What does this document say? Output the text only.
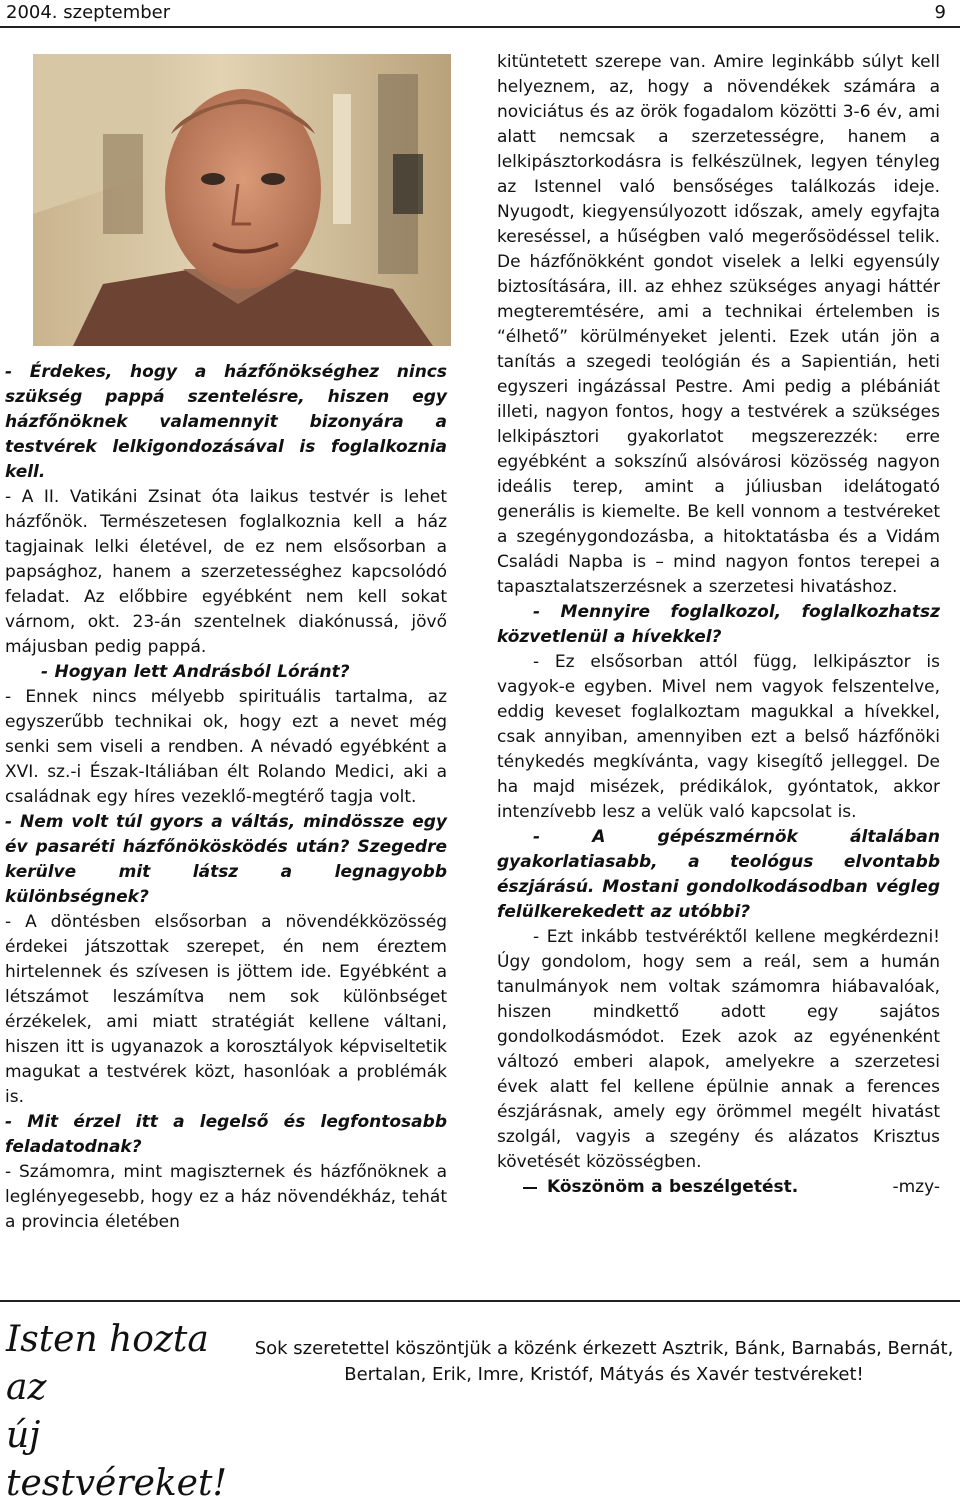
2004. szeptember	9

- Érdekes, hogy a házfőnökséghez nincs szükség pappá szentelésre, hiszen egy házfőnöknek valamennyit bizonyára a testvérek lelkigondozásával is foglalkoznia kell.

- A II. Vatikáni Zsinat óta laikus testvér is lehet házfőnök. Természetesen foglalkoznia kell a ház tagjainak lelki életével, de ez nem elsősorban a papsághoz, hanem a szerzetességhez kapcsolódó feladat. Az előbbire egyébként nem kell sokat várnom, okt. 23-án szentelnek diakónussá, jövő májusban pedig pappá.

- Hogyan lett Andrásból Lóránt?

- Ennek nincs mélyebb spirituális tartalma, az egyszerűbb technikai ok, hogy ezt a nevet még senki sem viseli a rendben. A névadó egyébként a XVI. sz.-i Észak-Itáliában élt Rolando Medici, aki a családnak egy híres vezeklő-megtérő tagja volt.

- Nem volt túl gyors a váltás, mindössze egy év pasaréti házfőnökösködés után? Szegedre kerülve mit látsz a legnagyobb különbségnek?

- A döntésben elsősorban a növendékközösség érdekei játszottak szerepet, én nem éreztem hirtelennek és szívesen is jöttem ide. Egyébként a létszámot leszámítva nem sok különbséget érzékelek, ami miatt stratégiát kellene váltani, hiszen itt is ugyanazok a korosztályok képviseltetik magukat a testvérek közt, hasonlóak a problémák is.

- Mit érzel itt a legelső és legfontosabb feladatodnak?

- Számomra, mint magiszternek és házfőnöknek a leglényegesebb, hogy ez a ház növendékház, tehát a provincia életében

kitüntetett szerepe van. Amire leginkább súlyt kell helyeznem, az, hogy a növendékek számára a noviciátus és az örök fogadalom közötti 3-6 év, ami alatt nemcsak a szerzetességre, hanem a lelkipásztorkodásra is felkészülnek, legyen tényleg az Istennel való bensőséges találkozás ideje. Nyugodt, kiegyensúlyozott időszak, amely egyfajta kereséssel, a hűségben való megerősödéssel telik. De házfőnökként gondot viselek a lelki egyensúly biztosítására, ill. az ehhez szükséges anyagi háttér megteremtésére, ami a technikai értelemben is “élhető” körülményeket jelenti. Ezek után jön a tanítás a szegedi teológián és a Sapientián, heti egyszeri ingázással Pestre. Ami pedig a plébániát illeti, nagyon fontos, hogy a testvérek a szükséges lelkipásztori gyakorlatot megszerezzék: erre egyébként a sokszínű alsóvárosi közösség nagyon ideális terep, amint a júliusban idelátogató generális is kiemelte. Be kell vonnom a testvéreket a szegénygondozásba, a hitoktatásba és a Vidám Családi Napba is – mind nagyon fontos terepei a tapasztalatszerzésnek a szerzetesi hivatáshoz.

- Mennyire foglalkozol, foglalkozhatsz közvetlenül a hívekkel?

- Ez elsősorban attól függ, lelkipásztor is vagyok-e egyben. Mivel nem vagyok felszentelve, eddig keveset foglalkoztam magukkal a hívekkel, csak annyiban, amennyiben ezt a belső házfőnöki ténykedés megkívánta, vagy kisegítő jelleggel. De ha majd misézek, prédikálok, gyóntatok, akkor intenzívebb lesz a velük való kapcsolat is.

- A gépészmérnök általában gyakorlatiasabb, a teológus elvontabb észjárású. Mostani gondolkodásodban végleg felülkerekedett az utóbbi?

- Ezt inkább testvéréktől kellene megkérdezni! Úgy gondolom, hogy sem a reál, sem a humán tanulmányok nem voltak számomra hiábavalóak, hiszen mindkettő adott egy sajátos gondolkodásmódot. Ezek azok az egyénenként változó emberi alapok, amelyekre a szerzetesi évek alatt fel kellene épülnie annak a ferences észjárásnak, amely egy örömmel megélt hivatást szolgál, vagyis a szegény és alázatos Krisztus követését közösségben.

Köszönöm a beszélgetést.	-mzy-
Isten hozta az
új testvéreket!
Sok szeretettel köszöntjük a közénk érkezett Asztrik, Bánk, Barnabás, Bernát, Bertalan, Erik, Imre, Kristóf, Mátyás és Xavér testvéreket!
